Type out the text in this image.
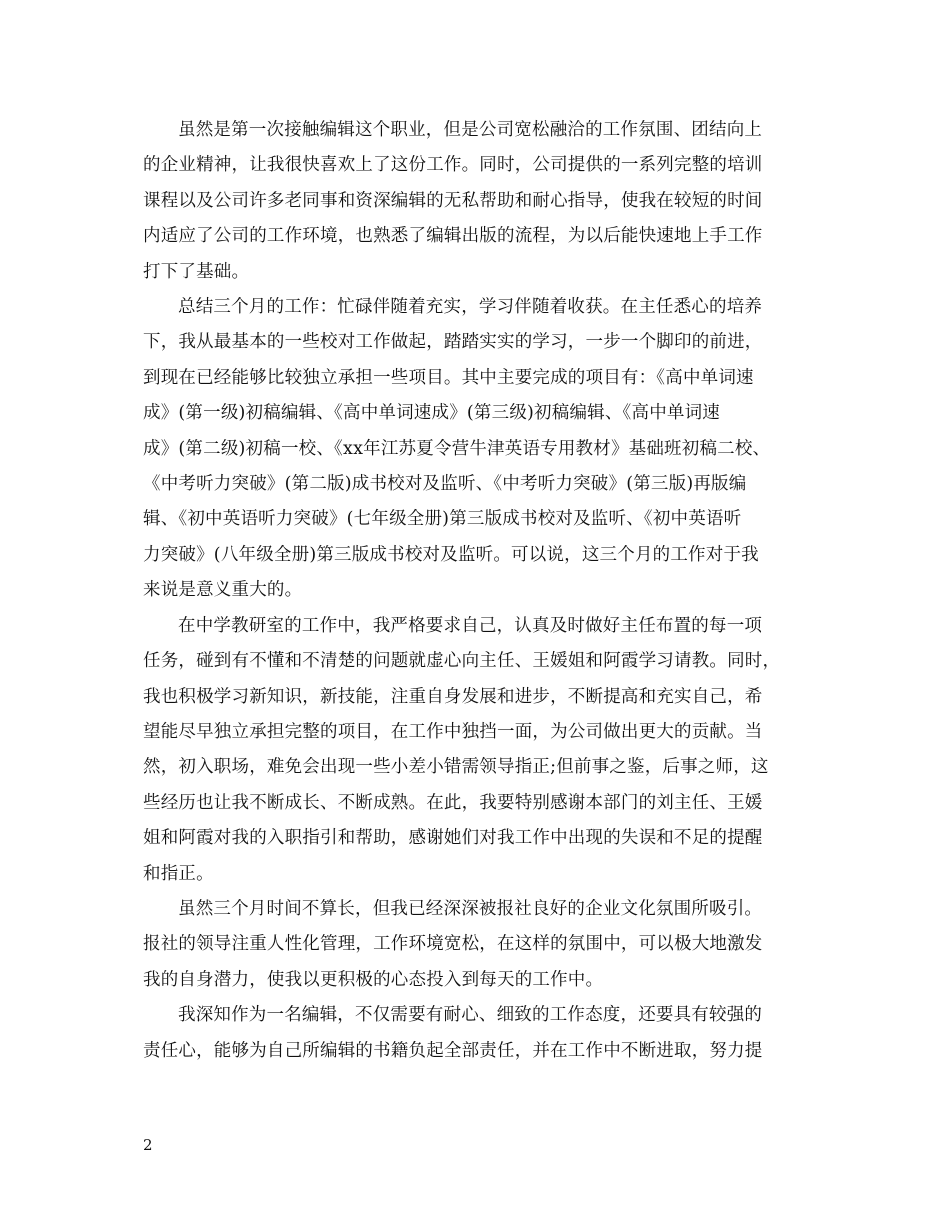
虽然是第一次接触编辑这个职业，但是公司宽松融洽的工作氛围、团结向上
的企业精神，让我很快喜欢上了这份工作。同时，公司提供的一系列完整的培训
课程以及公司许多老同事和资深编辑的无私帮助和耐心指导，使我在较短的时间
内适应了公司的工作环境，也熟悉了编辑出版的流程，为以后能快速地上手工作
打下了基础。

总结三个月的工作：忙碌伴随着充实，学习伴随着收获。在主任悉心的培养
下，我从最基本的一些校对工作做起，踏踏实实的学习，一步一个脚印的前进，
到现在已经能够比较独立承担一些项目。其中主要完成的项目有：《高中单词速
成》(第一级)初稿编辑、《高中单词速成》(第三级)初稿编辑、《高中单词速
成》(第二级)初稿一校、《xx年江苏夏令营牛津英语专用教材》基础班初稿二校、
《中考听力突破》(第二版)成书校对及监听、《中考听力突破》(第三版)再版编
辑、《初中英语听力突破》(七年级全册)第三版成书校对及监听、《初中英语听
力突破》(八年级全册)第三版成书校对及监听。可以说，这三个月的工作对于我
来说是意义重大的。

在中学教研室的工作中，我严格要求自己，认真及时做好主任布置的每一项
任务，碰到有不懂和不清楚的问题就虚心向主任、王媛姐和阿霞学习请教。同时，
我也积极学习新知识，新技能，注重自身发展和进步，不断提高和充实自己，希
望能尽早独立承担完整的项目，在工作中独挡一面，为公司做出更大的贡献。当
然，初入职场，难免会出现一些小差小错需领导指正;但前事之鉴，后事之师，这
些经历也让我不断成长、不断成熟。在此，我要特别感谢本部门的刘主任、王媛
姐和阿霞对我的入职指引和帮助，感谢她们对我工作中出现的失误和不足的提醒
和指正。

虽然三个月时间不算长，但我已经深深被报社良好的企业文化氛围所吸引。
报社的领导注重人性化管理，工作环境宽松，在这样的氛围中，可以极大地激发
我的自身潜力，使我以更积极的心态投入到每天的工作中。

我深知作为一名编辑，不仅需要有耐心、细致的工作态度，还要具有较强的
责任心，能够为自己所编辑的书籍负起全部责任，并在工作中不断进取，努力提

2
